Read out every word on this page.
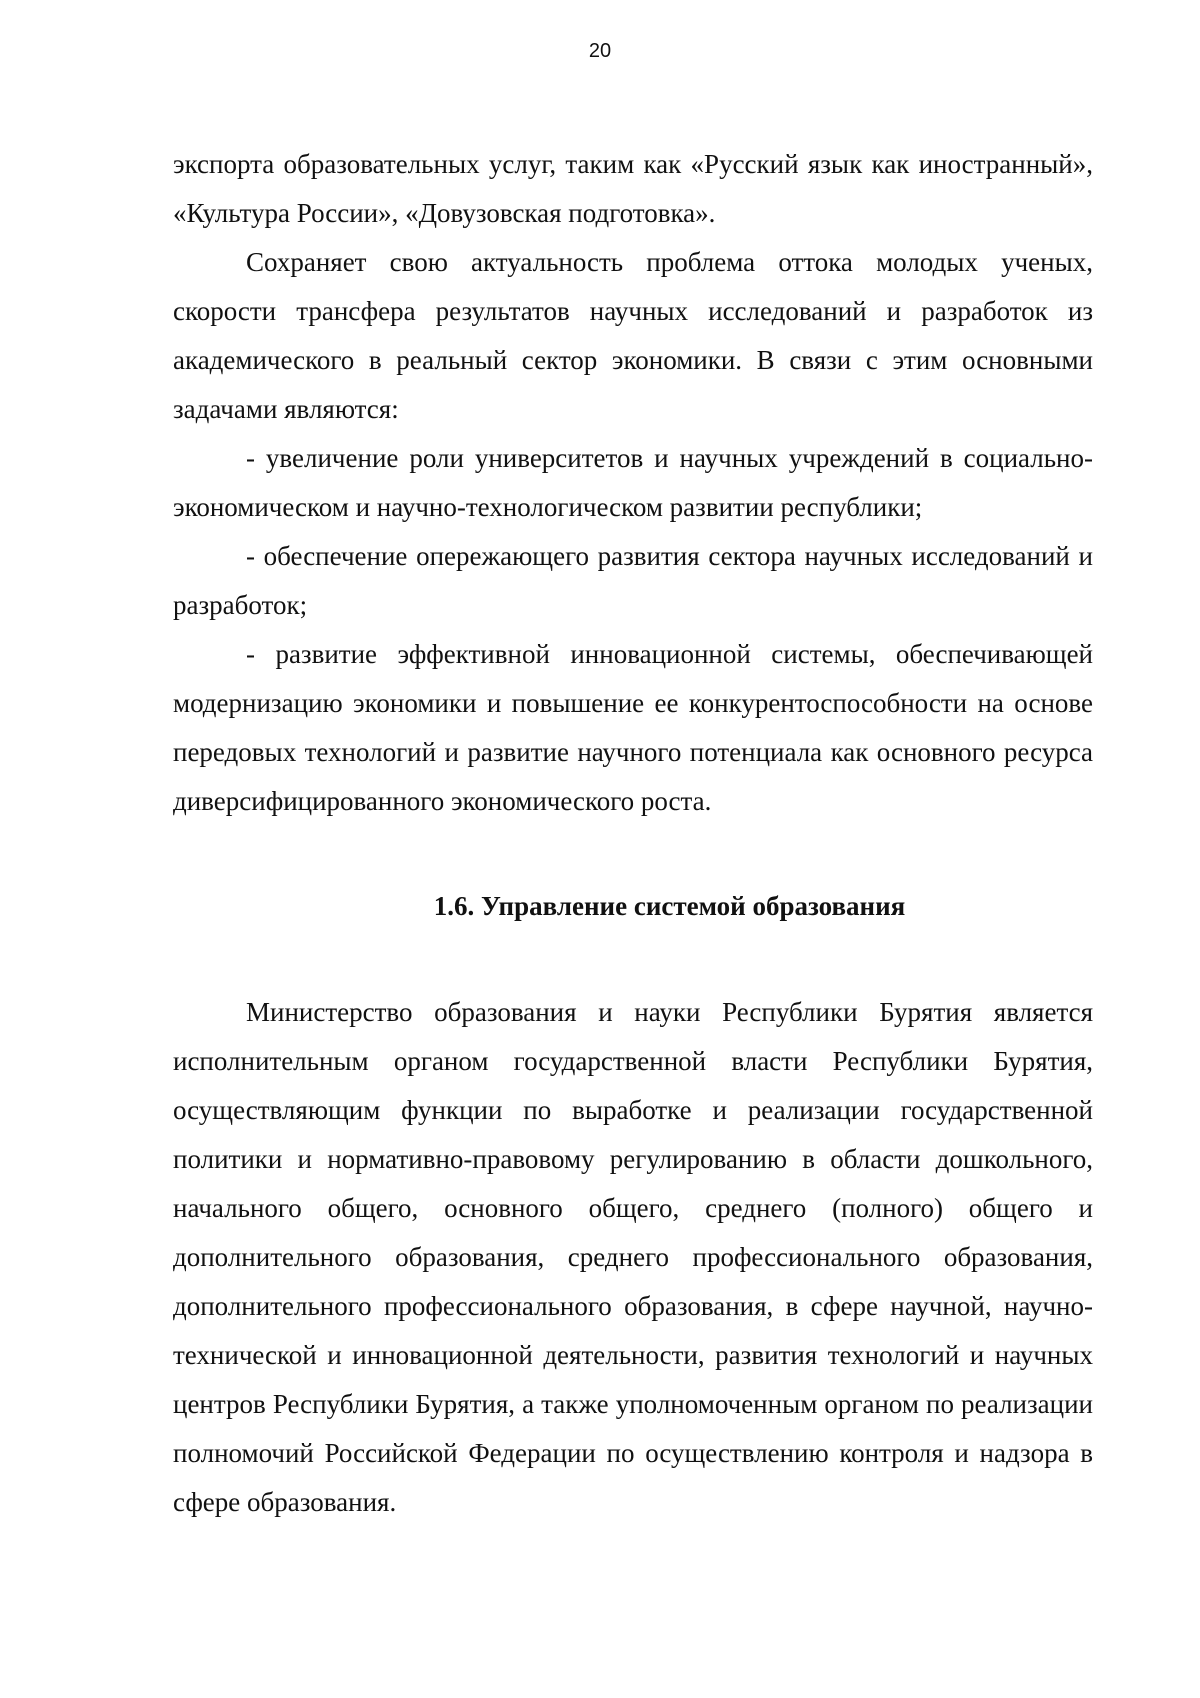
20

экспорта образовательных услуг, таким как «Русский язык как иностранный», «Культура России», «Довузовская подготовка».

Сохраняет свою актуальность проблема оттока молодых ученых, скорости трансфера результатов научных исследований и разработок из академического в реальный сектор экономики. В связи с этим основными задачами являются:

- увеличение роли университетов и научных учреждений в социально-экономическом и научно-технологическом развитии республики;

- обеспечение опережающего развития сектора научных исследований и разработок;

- развитие эффективной инновационной системы, обеспечивающей модернизацию экономики и повышение ее конкурентоспособности на основе передовых технологий и развитие научного потенциала как основного ресурса диверсифицированного экономического роста.

1.6. Управление системой образования

Министерство образования и науки Республики Бурятия является исполнительным органом государственной власти Республики Бурятия, осуществляющим функции по выработке и реализации государственной политики и нормативно-правовому регулированию в области дошкольного, начального общего, основного общего, среднего (полного) общего и дополнительного образования, среднего профессионального образования, дополнительного профессионального образования, в сфере научной, научно-технической и инновационной деятельности, развития технологий и научных центров Республики Бурятия, а также уполномоченным органом по реализации полномочий Российской Федерации по осуществлению контроля и надзора в сфере образования.
